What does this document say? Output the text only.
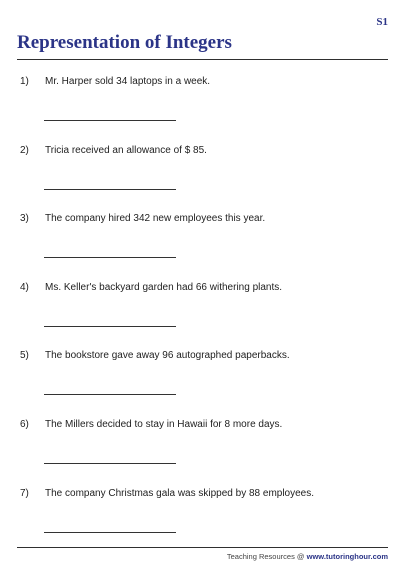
S1
Representation of Integers
1) Mr. Harper sold 34 laptops in a week.
2) Tricia received an allowance of $ 85.
3) The company hired 342 new employees this year.
4) Ms. Keller's backyard garden had 66 withering plants.
5) The bookstore gave away 96 autographed paperbacks.
6) The Millers decided to stay in Hawaii for 8 more days.
7) The company Christmas gala was skipped by 88 employees.
Teaching Resources @ www.tutoringhour.com
